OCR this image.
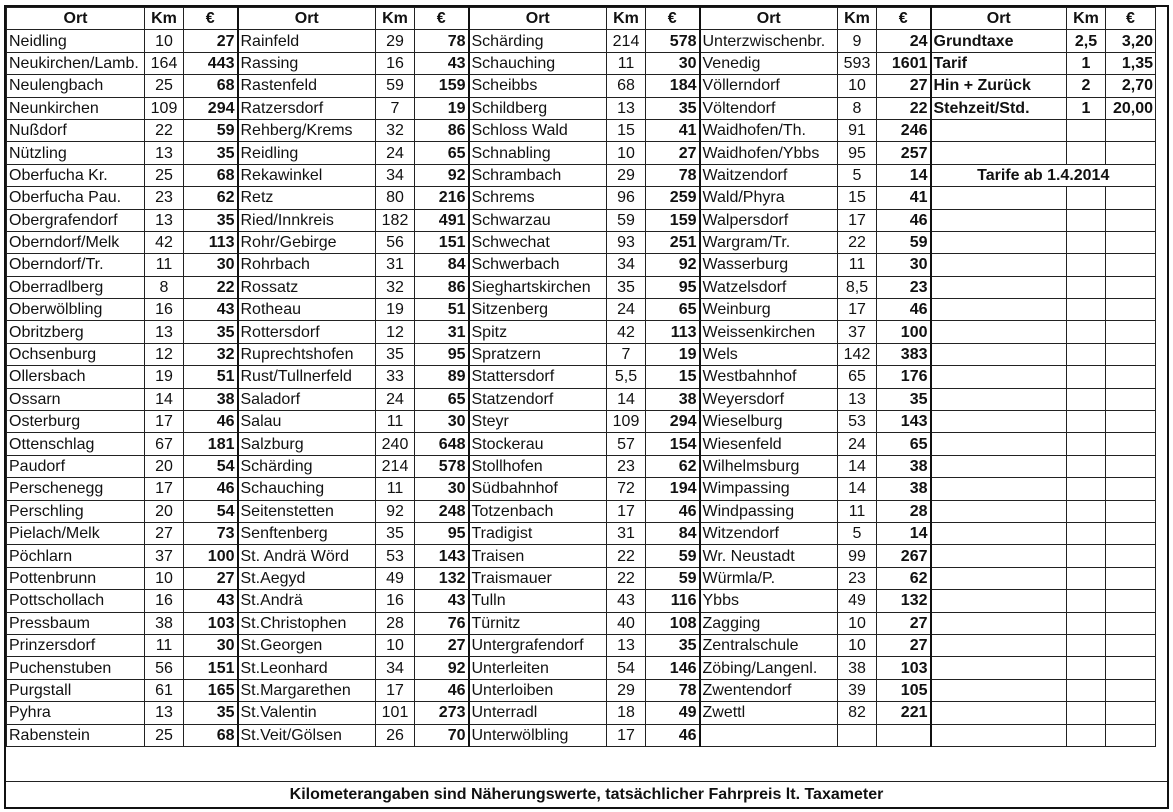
Ort	Km	€	Ort	Km	€	Ort	Km	€	Ort	Km	€	Ort	Km	€
Neidling	10	27	Rainfeld	29	78	Schärding	214	578	Unterzwischenbr.	9	24	Grundtaxe	2,5	3,20
Neukirchen/Lamb.	164	443	Rassing	16	43	Schauching	11	30	Venedig	593	1601	Tarif	1	1,35
Neulengbach	25	68	Rastenfeld	59	159	Scheibbs	68	184	Völlerndorf	10	27	Hin + Zurück	2	2,70
Neunkirchen	109	294	Ratzersdorf	7	19	Schildberg	13	35	Völtendorf	8	22	Stehzeit/Std.	1	20,00
Nußdorf	22	59	Rehberg/Krems	32	86	Schloss Wald	15	41	Waidhofen/Th.	91	246			
Nützling	13	35	Reidling	24	65	Schnabling	10	27	Waidhofen/Ybbs	95	257			
Oberfucha Kr.	25	68	Rekawinkel	34	92	Schrambach	29	78	Waitzendorf	5	14	Tarife ab 1.4.2014		
Oberfucha Pau.	23	62	Retz	80	216	Schrems	96	259	Wald/Phyra	15	41			
Obergrafendorf	13	35	Ried/Innkreis	182	491	Schwarzau	59	159	Walpersdorf	17	46			
Oberndorf/Melk	42	113	Rohr/Gebirge	56	151	Schwechat	93	251	Wargram/Tr.	22	59			
Oberndorf/Tr.	11	30	Rohrbach	31	84	Schwerbach	34	92	Wasserburg	11	30			
Oberradlberg	8	22	Rossatz	32	86	Sieghartskirchen	35	95	Watzelsdorf	8,5	23			
Oberwölbling	16	43	Rotheau	19	51	Sitzenberg	24	65	Weinburg	17	46			
Obritzberg	13	35	Rottersdorf	12	31	Spitz	42	113	Weissenkirchen	37	100			
Ochsenburg	12	32	Ruprechtshofen	35	95	Spratzern	7	19	Wels	142	383			
Ollersbach	19	51	Rust/Tullnerfeld	33	89	Stattersdorf	5,5	15	Westbahnhof	65	176			
Ossarn	14	38	Saladorf	24	65	Statzendorf	14	38	Weyersdorf	13	35			
Osterburg	17	46	Salau	11	30	Steyr	109	294	Wieselburg	53	143			
Ottenschlag	67	181	Salzburg	240	648	Stockerau	57	154	Wiesenfeld	24	65			
Paudorf	20	54	Schärding	214	578	Stollhofen	23	62	Wilhelmsburg	14	38			
Perschenegg	17	46	Schauching	11	30	Südbahnhof	72	194	Wimpassing	14	38			
Perschling	20	54	Seitenstetten	92	248	Totzenbach	17	46	Windpassing	11	28			
Pielach/Melk	27	73	Senftenberg	35	95	Tradigist	31	84	Witzendorf	5	14			
Pöchlarn	37	100	St. Andrä Wörd	53	143	Traisen	22	59	Wr. Neustadt	99	267			
Pottenbrunn	10	27	St.Aegyd	49	132	Traismauer	22	59	Würmla/P.	23	62			
Pottschollach	16	43	St.Andrä	16	43	Tulln	43	116	Ybbs	49	132			
Pressbaum	38	103	St.Christophen	28	76	Türnitz	40	108	Zagging	10	27			
Prinzersdorf	11	30	St.Georgen	10	27	Untergrafendorf	13	35	Zentralschule	10	27			
Puchenstuben	56	151	St.Leonhard	34	92	Unterleiten	54	146	Zöbing/Langenl.	38	103			
Purgstall	61	165	St.Margarethen	17	46	Unterloiben	29	78	Zwentendorf	39	105			
Pyhra	13	35	St.Valentin	101	273	Unterradl	18	49	Zwettl	82	221			
Rabenstein	25	68	St.Veit/Gölsen	26	70	Unterwölbling	17	46						
Kilometerangaben sind Näherungswerte, tatsächlicher Fahrpreis lt. Taxameter
